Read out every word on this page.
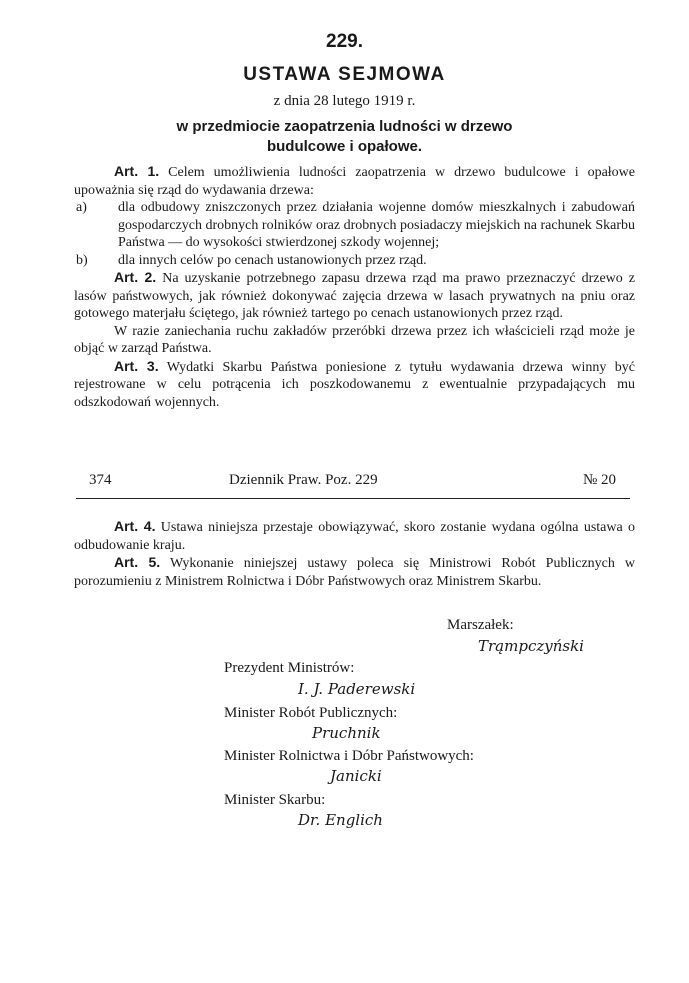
229.
USTAWA SEJMOWA
z dnia 28 lutego 1919 r.
w przedmiocie zaopatrzenia ludności w drzewo
budulcowe i opałowe.

Art. 1. Celem umożliwienia ludności zaopatrzenia w drzewo budulcowe i opałowe upoważnia się rząd do wydawania drzewa:

a)	dla odbudowy zniszczonych przez działania wojenne domów mieszkalnych i zabudowań gospodarczych drobnych rolników oraz drobnych posiadaczy miejskich na rachunek Skarbu Państwa — do wysokości stwierdzonej szkody wojennej;
b)	dla innych celów po cenach ustanowionych przez rząd.

Art. 2. Na uzyskanie potrzebnego zapasu drzewa rząd ma prawo przeznaczyć drzewo z lasów państwowych, jak również dokonywać zajęcia drzewa w lasach prywatnych na pniu oraz gotowego materjału ściętego, jak również tartego po cenach ustanowionych przez rząd.

W razie zaniechania ruchu zakładów przeróbki drzewa przez ich właścicieli rząd może je objąć w zarząd Państwa.

Art. 3. Wydatki Skarbu Państwa poniesione z tytułu wydawania drzewa winny być rejestrowane w celu potrącenia ich poszkodowanemu z ewentualnie przypadających mu odszkodowań wojennych.

374	Dziennik Praw. Poz. 229	№ 20

Art. 4. Ustawa niniejsza przestaje obowiązywać, skoro zostanie wydana ogólna ustawa o odbudowanie kraju.

Art. 5. Wykonanie niniejszej ustawy poleca się Ministrowi Robót Publicznych w porozumieniu z Ministrem Rolnictwa i Dóbr Państwowych oraz Ministrem Skarbu.

Marszałek:
Trąmpczyński
Prezydent Ministrów:
I. J. Paderewski
Minister Robót Publicznych:
Pruchnik
Minister Rolnictwa i Dóbr Państwowych:
Janicki
Minister Skarbu:
Dr. Englich
